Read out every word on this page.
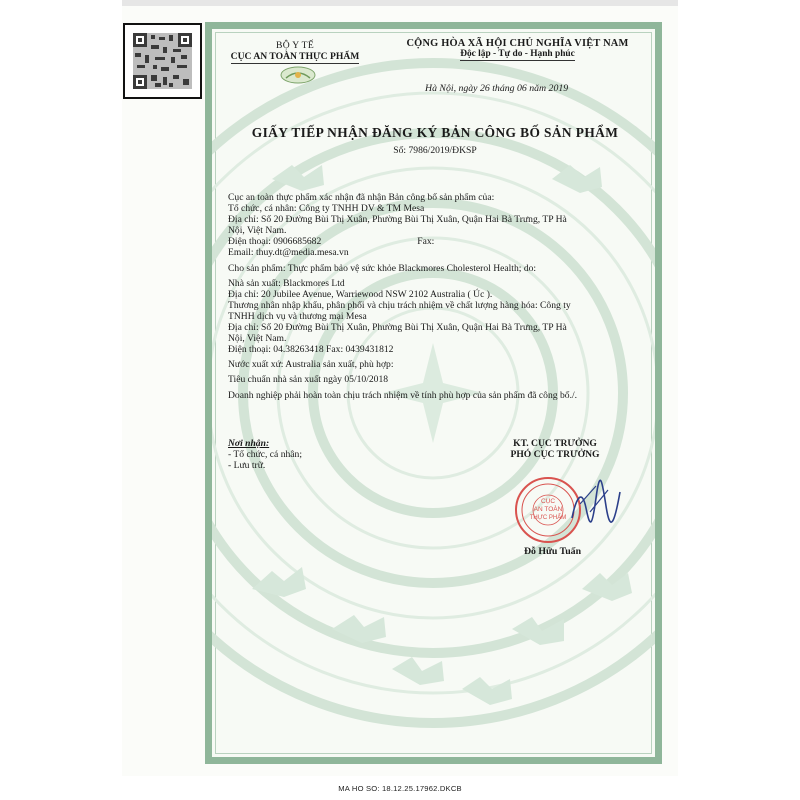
BỘ Y TẾ
CỤC AN TOÀN THỰC PHẨM
CỘNG HÒA XÃ HỘI CHỦ NGHĨA VIỆT NAM
Độc lập - Tự do - Hạnh phúc
Hà Nội, ngày 26 tháng 06 năm 2019
GIẤY TIẾP NHẬN ĐĂNG KÝ BẢN CÔNG BỐ SẢN PHẨM
Số: 7986/2019/ĐKSP

Cục an toàn thực phẩm xác nhận đã nhận Bản công bố sản phẩm của:

Tổ chức, cá nhân: Công ty TNHH DV & TM Mesa

Địa chỉ: Số 20 Đường Bùi Thị Xuân, Phường Bùi Thị Xuân, Quận Hai Bà Trưng, TP Hà

Nội, Việt Nam.

Điện thoại: 0906685682	Fax:

Email: thuy.dt@media.mesa.vn

Cho sản phẩm: Thực phẩm bảo vệ sức khỏe Blackmores Cholesterol Health; do:

Nhà sản xuất: Blackmores Ltd

Địa chỉ: 20 Jubilee Avenue, Warriewood NSW 2102 Australia ( Úc ).

Thương nhân nhập khẩu, phân phối và chịu trách nhiệm về chất lượng hàng hóa: Công ty

TNHH dịch vụ và thương mại Mesa

Địa chỉ: Số 20 Đường Bùi Thị Xuân, Phường Bùi Thị Xuân, Quận Hai Bà Trưng, TP Hà

Nội, Việt Nam.

Điện thoại: 04.38263418 Fax: 0439431812

Nước xuất xứ: Australia sản xuất, phù hợp:

Tiêu chuẩn nhà sản xuất ngày 05/10/2018

Doanh nghiệp phải hoàn toàn chịu trách nhiệm về tính phù hợp của sản phẩm đã công bố./.

Nơi nhận:
- Tổ chức, cá nhân;
- Lưu trữ.
KT. CỤC TRƯỞNG
PHÓ CỤC TRƯỞNG
CỤC
AN TOÀN
THỰC PHẨM
Đỗ Hữu Tuấn
MA HO SO: 18.12.25.17962.DKCB
